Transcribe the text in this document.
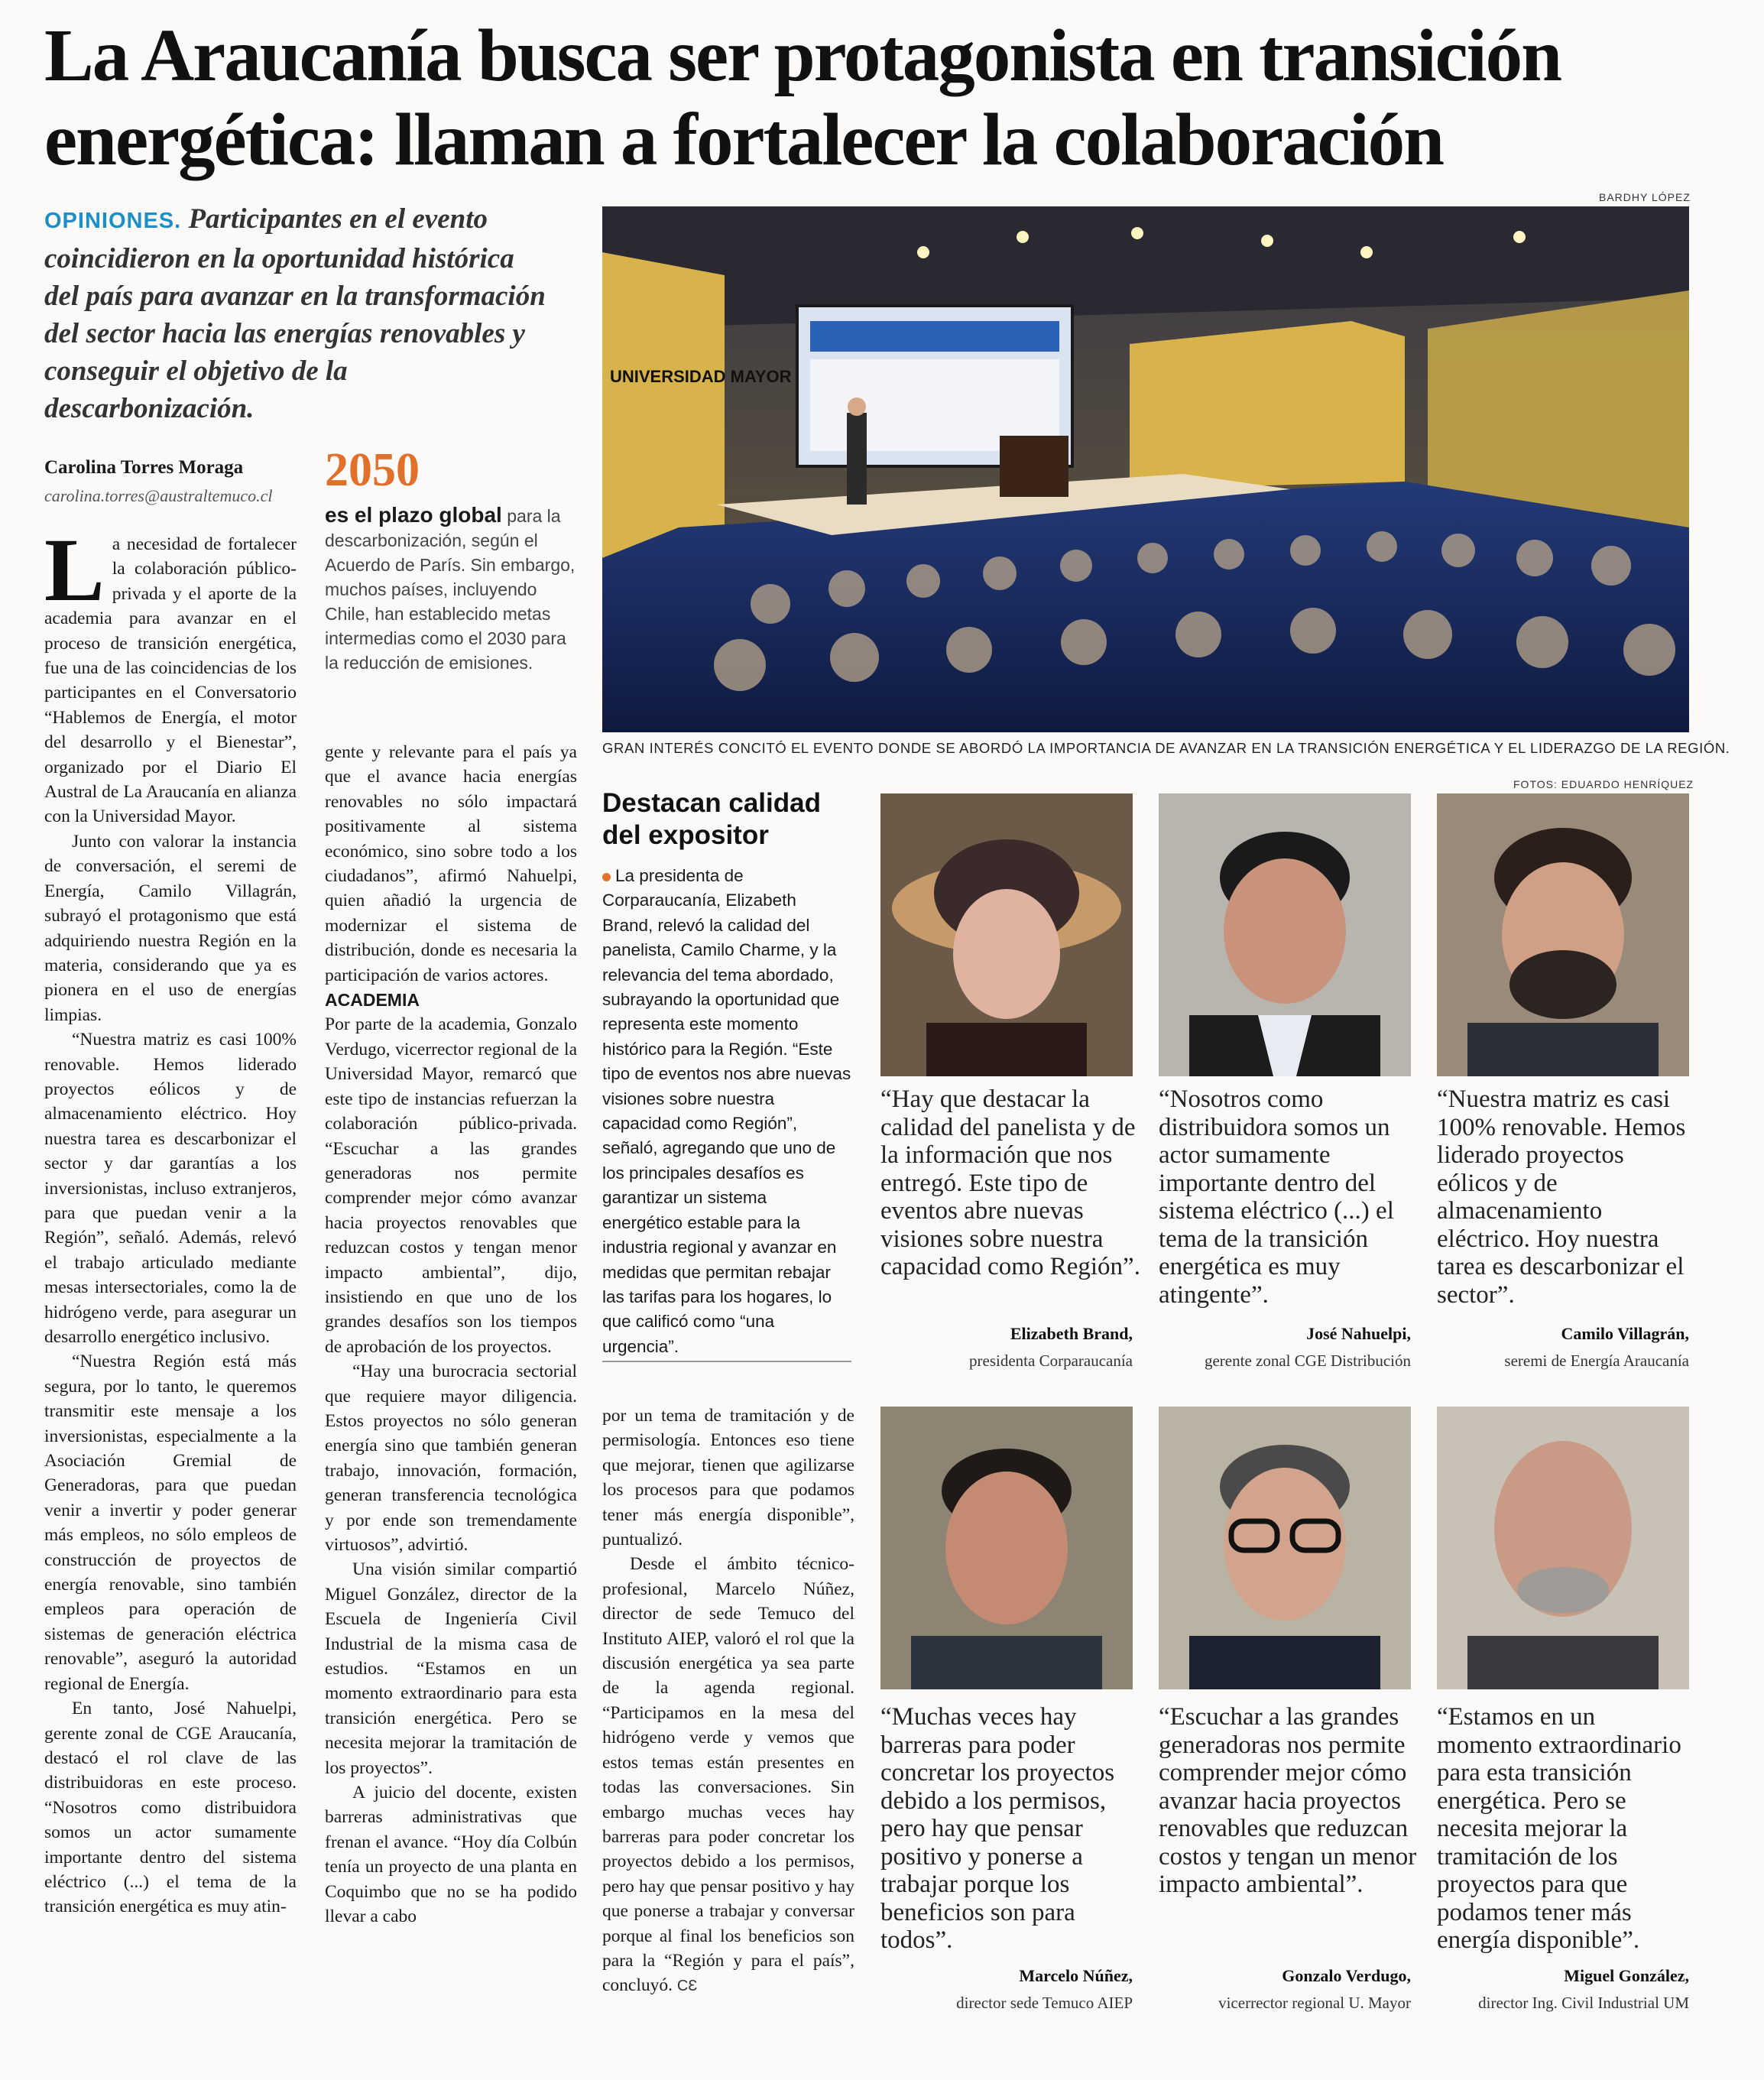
La Araucanía busca ser protagonista en transición
energética: llaman a fortalecer la colaboración
OPINIONES. Participantes en el evento coincidieron en la oportunidad histórica del país para avanzar en la transformación del sector hacia las energías renovables y conseguir el objetivo de la descarbonización.
Carolina Torres Moraga
carolina.torres@australtemuco.cl	2050
es el plazo global para la descarbonización, según el Acuerdo de París. Sin embargo, muchos países, incluyendo Chile, han establecido metas intermedias como el 2030 para la reducción de emisiones.

La necesidad de fortalecer la colaboración público-privada y el aporte de la academia para avanzar en el proceso de transición energética, fue una de las coincidencias de los participantes en el Conversatorio “Hablemos de Energía, el motor del desarrollo y el Bienestar”, organizado por el Diario El Austral de La Araucanía en alianza con la Universidad Mayor.

Junto con valorar la instancia de conversación, el seremi de Energía, Camilo Villagrán, subrayó el protagonismo que está adquiriendo nuestra Región en la materia, considerando que ya es pionera en el uso de energías limpias.

“Nuestra matriz es casi 100% renovable. Hemos liderado proyectos eólicos y de almacenamiento eléctrico. Hoy nuestra tarea es descarbonizar el sector y dar garantías a los inversionistas, incluso extranjeros, para que puedan venir a la Región”, señaló. Además, relevó el trabajo articulado mediante mesas intersectoriales, como la de hidrógeno verde, para asegurar un desarrollo energético inclusivo.

“Nuestra Región está más segura, por lo tanto, le queremos transmitir este mensaje a los inversionistas, especialmente a la Asociación Gremial de Generadoras, para que puedan venir a invertir y poder generar más empleos, no sólo empleos de construcción de proyectos de energía renovable, sino también empleos para operación de sistemas de generación eléctrica renovable”, aseguró la autoridad regional de Energía.

En tanto, José Nahuelpi, gerente zonal de CGE Araucanía, destacó el rol clave de las distribuidoras en este proceso. “Nosotros como distribuidora somos un actor sumamente importante dentro del sistema eléctrico (...) el tema de la transición energética es muy atin-

gente y relevante para el país ya que el avance hacia energías renovables no sólo impactará positivamente al sistema económico, sino sobre todo a los ciudadanos”, afirmó Nahuelpi, quien añadió la urgencia de modernizar el sistema de distribución, donde es necesaria la participación de varios actores.

ACADEMIA

Por parte de la academia, Gonzalo Verdugo, vicerrector regional de la Universidad Mayor, remarcó que este tipo de instancias refuerzan la colaboración público-privada. “Escuchar a las grandes generadoras nos permite comprender mejor cómo avanzar hacia proyectos renovables que reduzcan costos y tengan menor impacto ambiental”, dijo, insistiendo en que uno de los grandes desafíos son los tiempos de aprobación de los proyectos.

“Hay una burocracia sectorial que requiere mayor diligencia. Estos proyectos no sólo generan energía sino que también generan trabajo, innovación, formación, generan transferencia tecnológica y por ende son tremendamente virtuosos”, advirtió.

Una visión similar compartió Miguel González, director de la Escuela de Ingeniería Civil Industrial de la misma casa de estudios. “Estamos en un momento extraordinario para esta transición energética. Pero se necesita mejorar la tramitación de los proyectos”.

A juicio del docente, existen barreras administrativas que frenan el avance. “Hoy día Colbún tenía un proyecto de una planta en Coquimbo que no se ha podido llevar a cabo

por un tema de tramitación y de permisología. Entonces eso tiene que mejorar, tienen que agilizarse los procesos para que podamos tener más energía disponible”, puntualizó.

Desde el ámbito técnico-profesional, Marcelo Núñez, director de sede Temuco del Instituto AIEP, valoró el rol que la discusión energética ya sea parte de la agenda regional. “Participamos en la mesa del hidrógeno verde y vemos que estos temas están presentes en todas las conversaciones. Sin embargo muchas veces hay barreras para poder concretar los proyectos debido a los permisos, pero hay que pensar positivo y hay que ponerse a trabajar y conversar porque al final los beneficios son para la “Región y para el país”, concluyó. CƐ

BARDHY LÓPEZ
UNIVERSIDAD MAYOR
GRAN INTERÉS CONCITÓ EL EVENTO DONDE SE ABORDÓ LA IMPORTANCIA DE AVANZAR EN LA TRANSICIÓN ENERGÉTICA Y EL LIDERAZGO DE LA REGIÓN.
FOTOS: EDUARDO HENRÍQUEZ
Destacan calidad del expositor

La presidenta de Corparaucanía, Elizabeth Brand, relevó la calidad del panelista, Camilo Charme, y la relevancia del tema abordado, subrayando la oportunidad que representa este momento histórico para la Región. “Este tipo de eventos nos abre nuevas visiones sobre nuestra capacidad como Región”, señaló, agregando que uno de los principales desafíos es garantizar un sistema energético estable para la industria regional y avanzar en medidas que permitan rebajar las tarifas para los hogares, lo que calificó como “una urgencia”.

“Hay que destacar la calidad del panelista y de la información que nos entregó. Este tipo de eventos abre nuevas visiones sobre nuestra capacidad como Región”.
Elizabeth Brand,
presidenta Corparaucanía
“Nosotros como distribuidora somos un actor sumamente importante dentro del sistema eléctrico (...) el tema de la transición energética es muy atingente”.
José Nahuelpi,
gerente zonal CGE Distribución
“Nuestra matriz es casi 100% renovable. Hemos liderado proyectos eólicos y de almacenamiento eléctrico. Hoy nuestra tarea es descarbonizar el sector”.
Camilo Villagrán,
seremi de Energía Araucanía
“Muchas veces hay barreras para poder concretar los proyectos debido a los permisos, pero hay que pensar positivo y ponerse a trabajar porque los beneficios son para todos”.
Marcelo Núñez,
director sede Temuco AIEP
“Escuchar a las grandes generadoras nos permite comprender mejor cómo avanzar hacia proyectos renovables que reduzcan costos y tengan un menor impacto ambiental”.
Gonzalo Verdugo,
vicerrector regional U. Mayor
“Estamos en un momento extraordinario para esta transición energética. Pero se necesita mejorar la tramitación de los proyectos para que podamos tener más energía disponible”.
Miguel González,
director Ing. Civil Industrial UM
